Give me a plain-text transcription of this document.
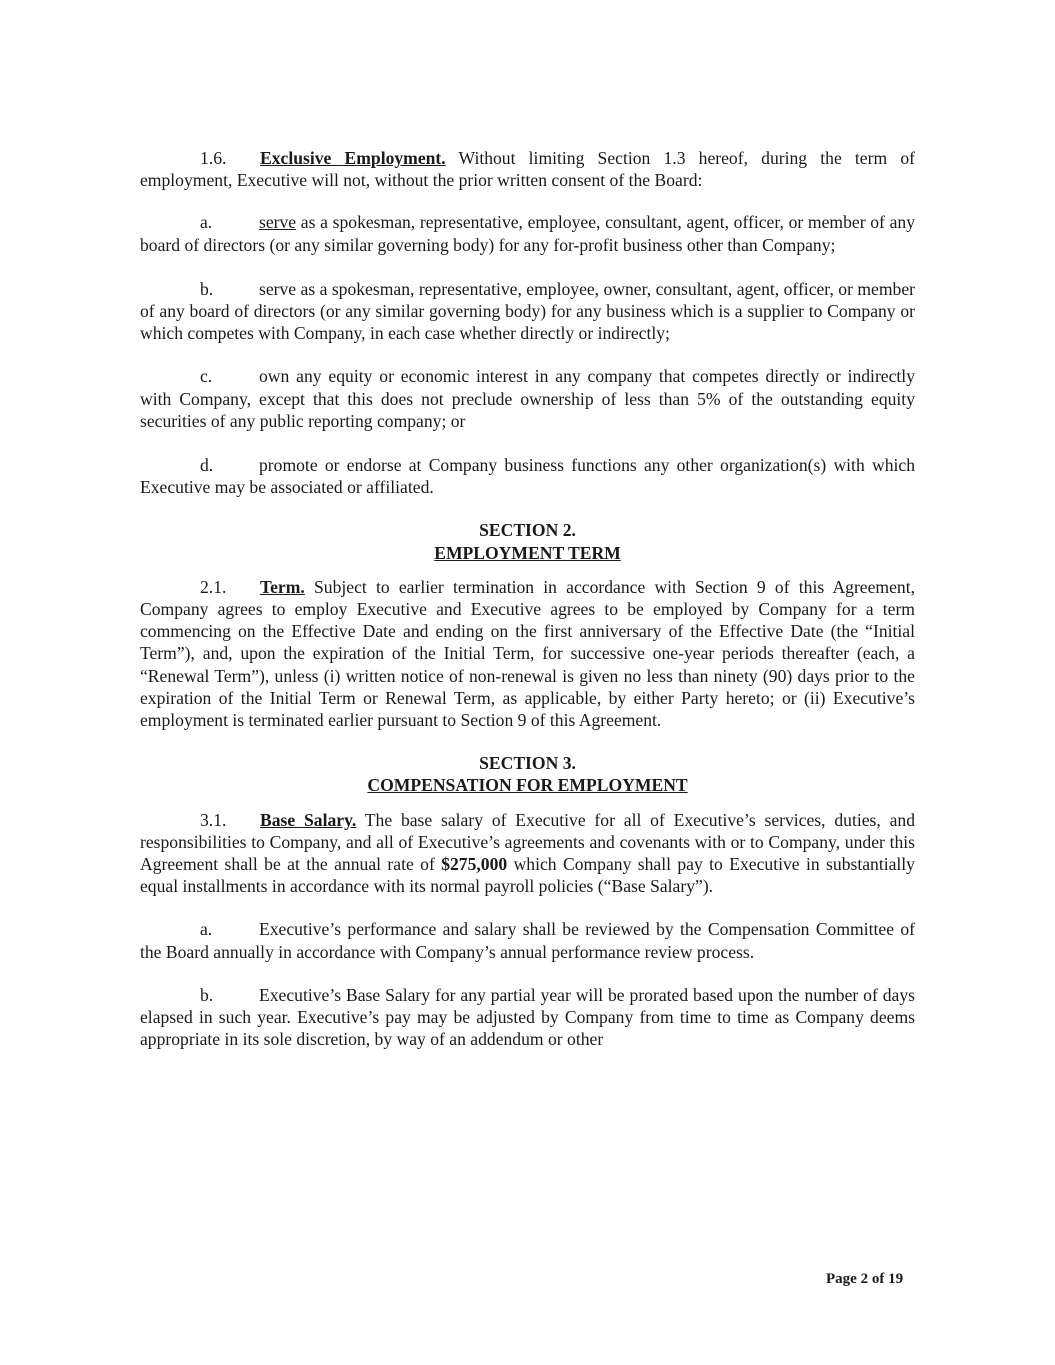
1.6. Exclusive Employment. Without limiting Section 1.3 hereof, during the term of employment, Executive will not, without the prior written consent of the Board:

a.	serve as a spokesman, representative, employee, consultant, agent, officer, or member of any board of directors (or any similar governing body) for any for-profit business other than Company;

b.	serve as a spokesman, representative, employee, owner, consultant, agent, officer, or member of any board of directors (or any similar governing body) for any business which is a supplier to Company or which competes with Company, in each case whether directly or indirectly;

c.	own any equity or economic interest in any company that competes directly or indirectly with Company, except that this does not preclude ownership of less than 5% of the outstanding equity securities of any public reporting company; or

d.	promote or endorse at Company business functions any other organization(s) with which Executive may be associated or affiliated.

SECTION 2.
EMPLOYMENT TERM

2.1. Term. Subject to earlier termination in accordance with Section 9 of this Agreement, Company agrees to employ Executive and Executive agrees to be employed by Company for a term commencing on the Effective Date and ending on the first anniversary of the Effective Date (the “Initial Term”), and, upon the expiration of the Initial Term, for successive one-year periods thereafter (each, a “Renewal Term”), unless (i) written notice of non-renewal is given no less than ninety (90) days prior to the expiration of the Initial Term or Renewal Term, as applicable, by either Party hereto; or (ii) Executive’s employment is terminated earlier pursuant to Section 9 of this Agreement.

SECTION 3.
COMPENSATION FOR EMPLOYMENT

3.1. Base Salary. The base salary of Executive for all of Executive’s services, duties, and responsibilities to Company, and all of Executive’s agreements and covenants with or to Company, under this Agreement shall be at the annual rate of $275,000 which Company shall pay to Executive in substantially equal installments in accordance with its normal payroll policies (“Base Salary”).

a.	Executive’s performance and salary shall be reviewed by the Compensation Committee of the Board annually in accordance with Company’s annual performance review process.

b.	Executive’s Base Salary for any partial year will be prorated based upon the number of days elapsed in such year. Executive’s pay may be adjusted by Company from time to time as Company deems appropriate in its sole discretion, by way of an addendum or other

Page 2 of 19
